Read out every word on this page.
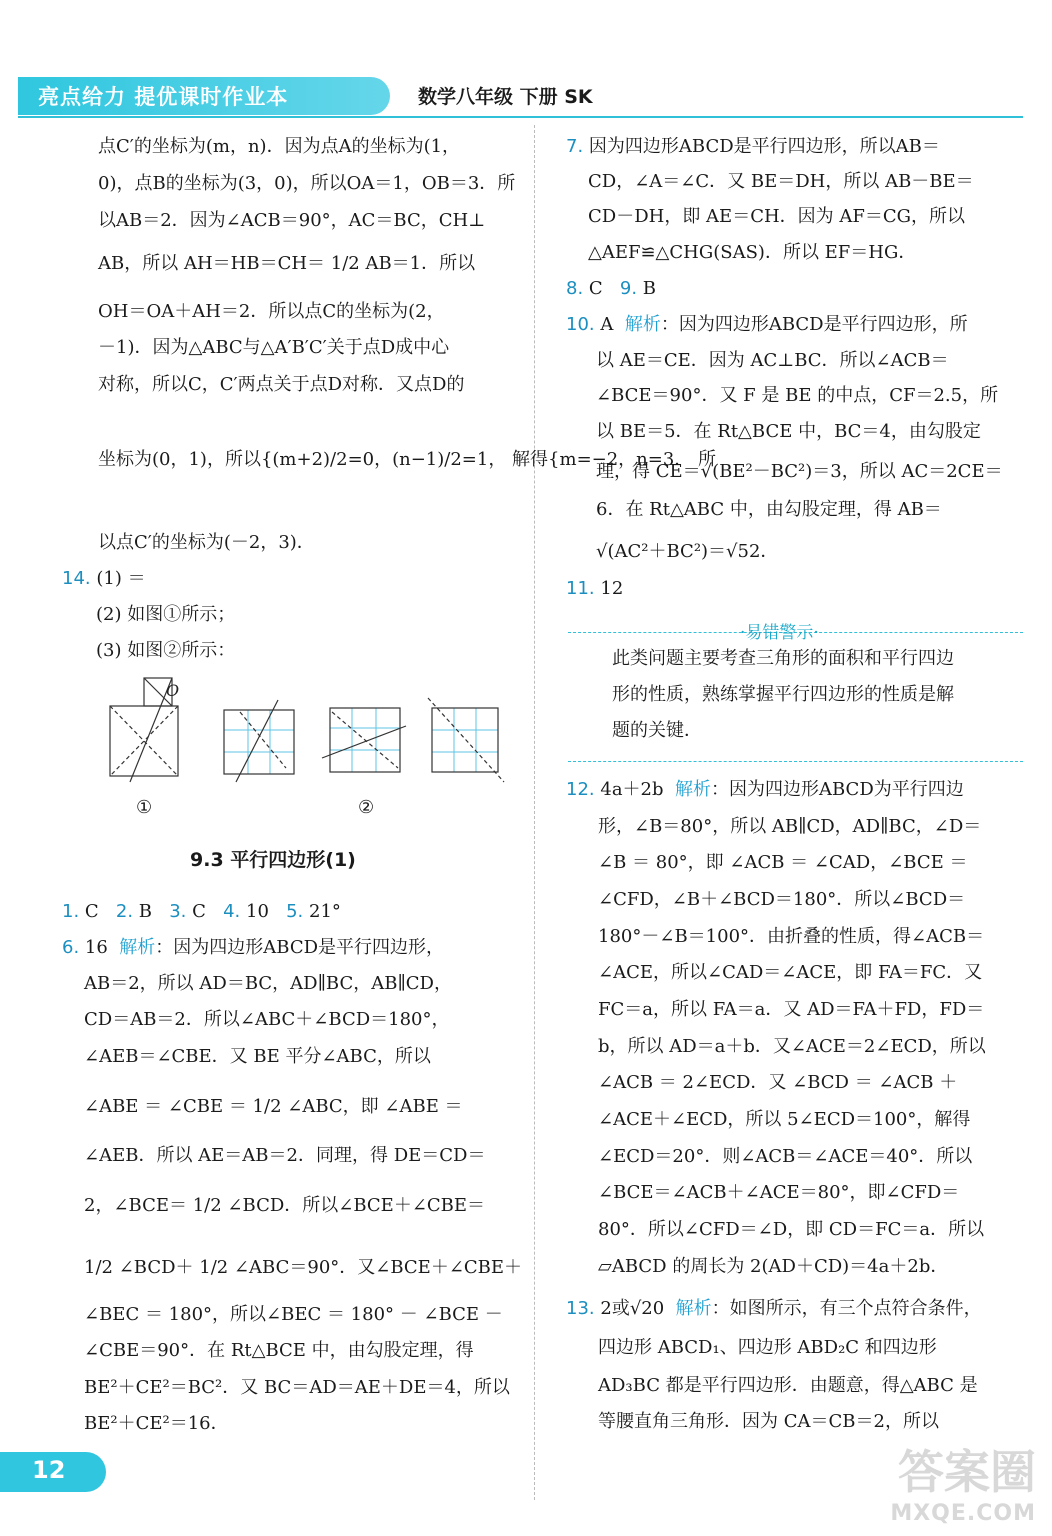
亮点给力 提优课时作业本	数学八年级 下册 SK
点C′的坐标为(m，n)．因为点A的坐标为(1，
0)，点B的坐标为(3，0)，所以OA＝1，OB＝3．所
以AB＝2．因为∠ACB＝90°，AC＝BC，CH⊥
AB，所以 AH＝HB＝CH＝ 1/2 AB＝1．所以
OH＝OA＋AH＝2．所以点C的坐标为(2，
－1)．因为△ABC与△A′B′C′关于点D成中心
对称，所以C，C′两点关于点D对称．又点D的
坐标为(0，1)，所以{(m+2)/2=0，(n−1)/2=1， 解得{m=−2，n=3． 所
以点C′的坐标为(－2，3)．
14. (1) ＝
(2) 如图①所示；
(3) 如图②所示：
O
①	②
9.3 平行四边形(1)
1. C 2. B 3. C 4. 10 5. 21°
6. 16 解析：因为四边形ABCD是平行四边形，
AB＝2，所以 AD＝BC，AD∥BC，AB∥CD，
CD＝AB＝2．所以∠ABC＋∠BCD＝180°，
∠AEB＝∠CBE．又 BE 平分∠ABC，所以
∠ABE ＝ ∠CBE ＝ 1/2 ∠ABC，即 ∠ABE ＝
∠AEB．所以 AE＝AB＝2．同理，得 DE＝CD＝
2，∠BCE＝ 1/2 ∠BCD．所以∠BCE＋∠CBE＝
1/2 ∠BCD＋ 1/2 ∠ABC＝90°．又∠BCE＋∠CBE＋
∠BEC ＝ 180°，所以∠BEC ＝ 180° － ∠BCE －
∠CBE＝90°．在 Rt△BCE 中，由勾股定理，得
BE²＋CE²＝BC²．又 BC＝AD＝AE＋DE＝4，所以
BE²＋CE²＝16．
7. 因为四边形ABCD是平行四边形，所以AB＝
CD，∠A＝∠C．又 BE＝DH，所以 AB－BE＝
CD－DH，即 AE＝CH．因为 AF＝CG，所以
△AEF≌△CHG(SAS)．所以 EF＝HG．
8. C 9. B
10. A 解析：因为四边形ABCD是平行四边形，所
以 AE＝CE．因为 AC⊥BC．所以∠ACB＝
∠BCE＝90°．又 F 是 BE 的中点，CF＝2.5，所
以 BE＝5．在 Rt△BCE 中，BC＝4，由勾股定
理，得 CE＝√(BE²－BC²)＝3，所以 AC＝2CE＝
6．在 Rt△ABC 中，由勾股定理，得 AB＝
√(AC²＋BC²)＝√52．
11. 12
·易错警示·
此类问题主要考查三角形的面积和平行四边
形的性质，熟练掌握平行四边形的性质是解
题的关键．
12. 4a＋2b 解析：因为四边形ABCD为平行四边
形，∠B＝80°，所以 AB∥CD，AD∥BC，∠D＝
∠B ＝ 80°，即 ∠ACB ＝ ∠CAD，∠BCE ＝
∠CFD，∠B＋∠BCD＝180°．所以∠BCD＝
180°－∠B＝100°．由折叠的性质，得∠ACB＝
∠ACE，所以∠CAD＝∠ACE，即 FA＝FC．又
FC＝a，所以 FA＝a．又 AD＝FA＋FD，FD＝
b，所以 AD＝a＋b．又∠ACE＝2∠ECD，所以
∠ACB ＝ 2∠ECD．又 ∠BCD ＝ ∠ACB ＋
∠ACE＋∠ECD，所以 5∠ECD＝100°，解得
∠ECD＝20°．则∠ACB＝∠ACE＝40°．所以
∠BCE＝∠ACB＋∠ACE＝80°，即∠CFD＝
80°．所以∠CFD＝∠D，即 CD＝FC＝a．所以
▱ABCD 的周长为 2(AD＋CD)＝4a＋2b．
13. 2或√20 解析：如图所示，有三个点符合条件，
四边形 ABCD₁、四边形 ABD₂C 和四边形
AD₃BC 都是平行四边形．由题意，得△ABC 是
等腰直角三角形．因为 CA＝CB＝2，所以
12	答案圈
MXQE.COM
